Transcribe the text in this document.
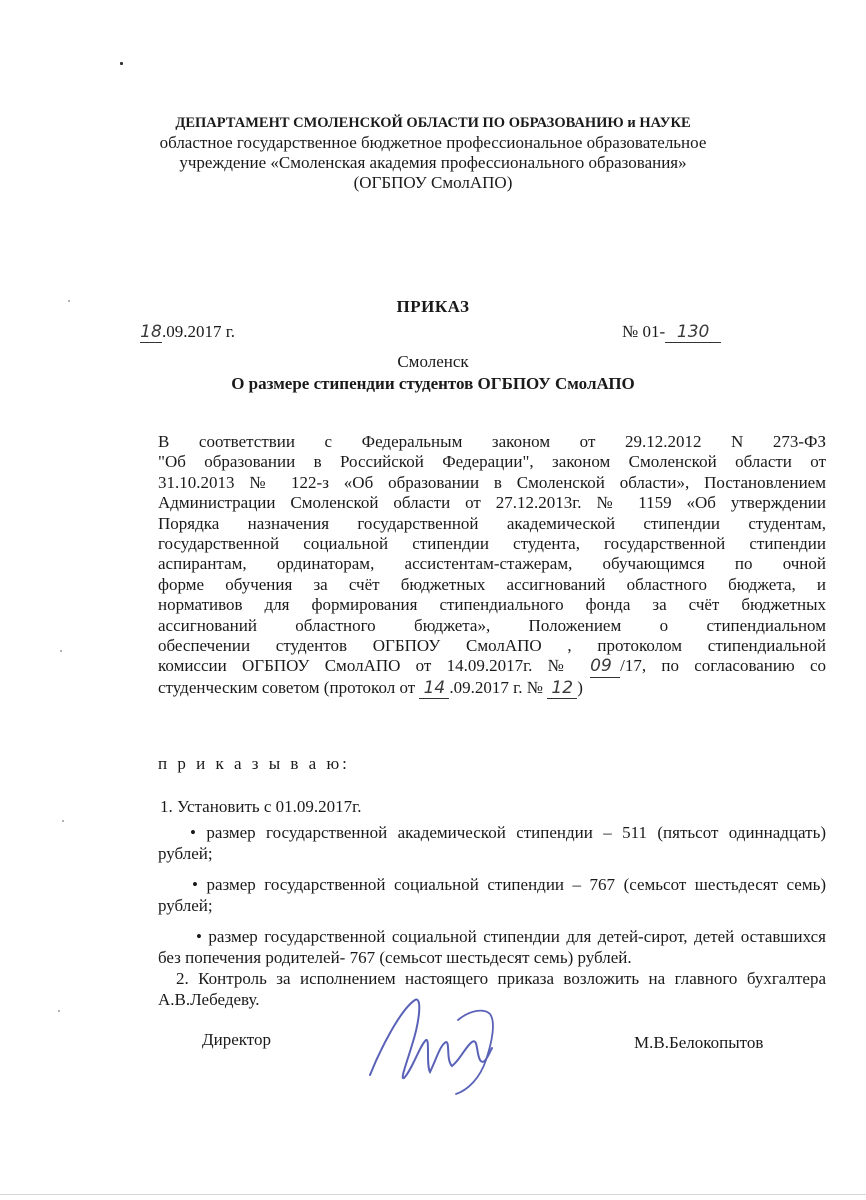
ДЕПАРТАМЕНТ СМОЛЕНСКОЙ ОБЛАСТИ ПО ОБРАЗОВАНИЮ и НАУКЕ
областное государственное бюджетное профессиональное образовательное
учреждение «Смоленская академия профессионального образования»
(ОГБПОУ СмолАПО)
ПРИКАЗ
18.09.2017 г.	№ 01- 130
Смоленск
О размере стипендии студентов ОГБПОУ СмолАПО
В соответствии с Федеральным законом от 29.12.2012 N 273-ФЗ
"Об образовании в Российской Федерации", законом Смоленской области от
31.10.2013 № 122-з «Об образовании в Смоленской области», Постановлением
Администрации Смоленской области от 27.12.2013г. № 1159 «Об утверждении
Порядка назначения государственной академической стипендии студентам,
государственной социальной стипендии студента, государственной стипендии
аспирантам, ординаторам, ассистентам-стажерам, обучающимся по очной
форме обучения за счёт бюджетных ассигнований областного бюджета, и
нормативов для формирования стипендиального фонда за счёт бюджетных
ассигнований областного бюджета», Положением о стипендиальном
обеспечении студентов ОГБПОУ СмолАПО , протоколом стипендиальной
комиссии ОГБПОУ СмолАПО от 14.09.2017г. № 09 /17, по согласованию со
студенческим советом (протокол от 14 .09.2017 г. № 12 )
п р и к а з ы в а ю:
1. Установить с 01.09.2017г.
• размер государственной академической стипендии – 511 (пятьсот одиннадцать) рублей;
• размер государственной социальной стипендии – 767 (семьсот шестьдесят семь) рублей;
• размер государственной социальной стипендии для детей-сирот, детей оставшихся без попечения родителей- 767 (семьсот шестьдесят семь) рублей.
2. Контроль за исполнением настоящего приказа возложить на главного бухгалтера А.В.Лебедеву.
Директор	М.В.Белокопытов
